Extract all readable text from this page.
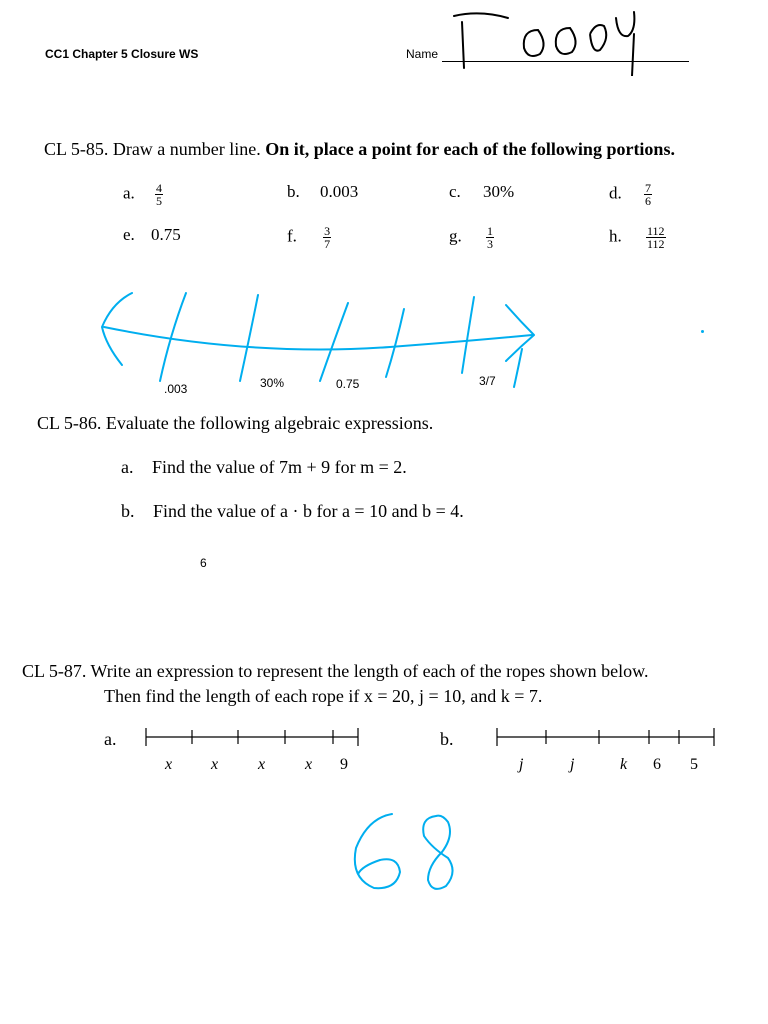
CC1 Chapter 5 Closure WS	Name
CL 5-85. Draw a number line. On it, place a point for each of the following portions.
a. $\frac{4}{5}$	b. 0.003	c. 30%	d. $\frac{7}{6}$
e. 0.75	f. $\frac{3}{7}$	g. $\frac{1}{3}$	h. $\frac{112}{112}$
.003	30%	0.75	3/7
CL 5-86. Evaluate the following algebraic expressions.
a. Find the value of 7m + 9 for m = 2.
b. Find the value of a · b for a = 10 and b = 4.
6
CL 5-87. Write an expression to represent the length of each of the ropes shown below.
Then find the length of each rope if x = 20, j = 10, and k = 7.
a.
x x x x 9
b.
j	j	k 6 5
